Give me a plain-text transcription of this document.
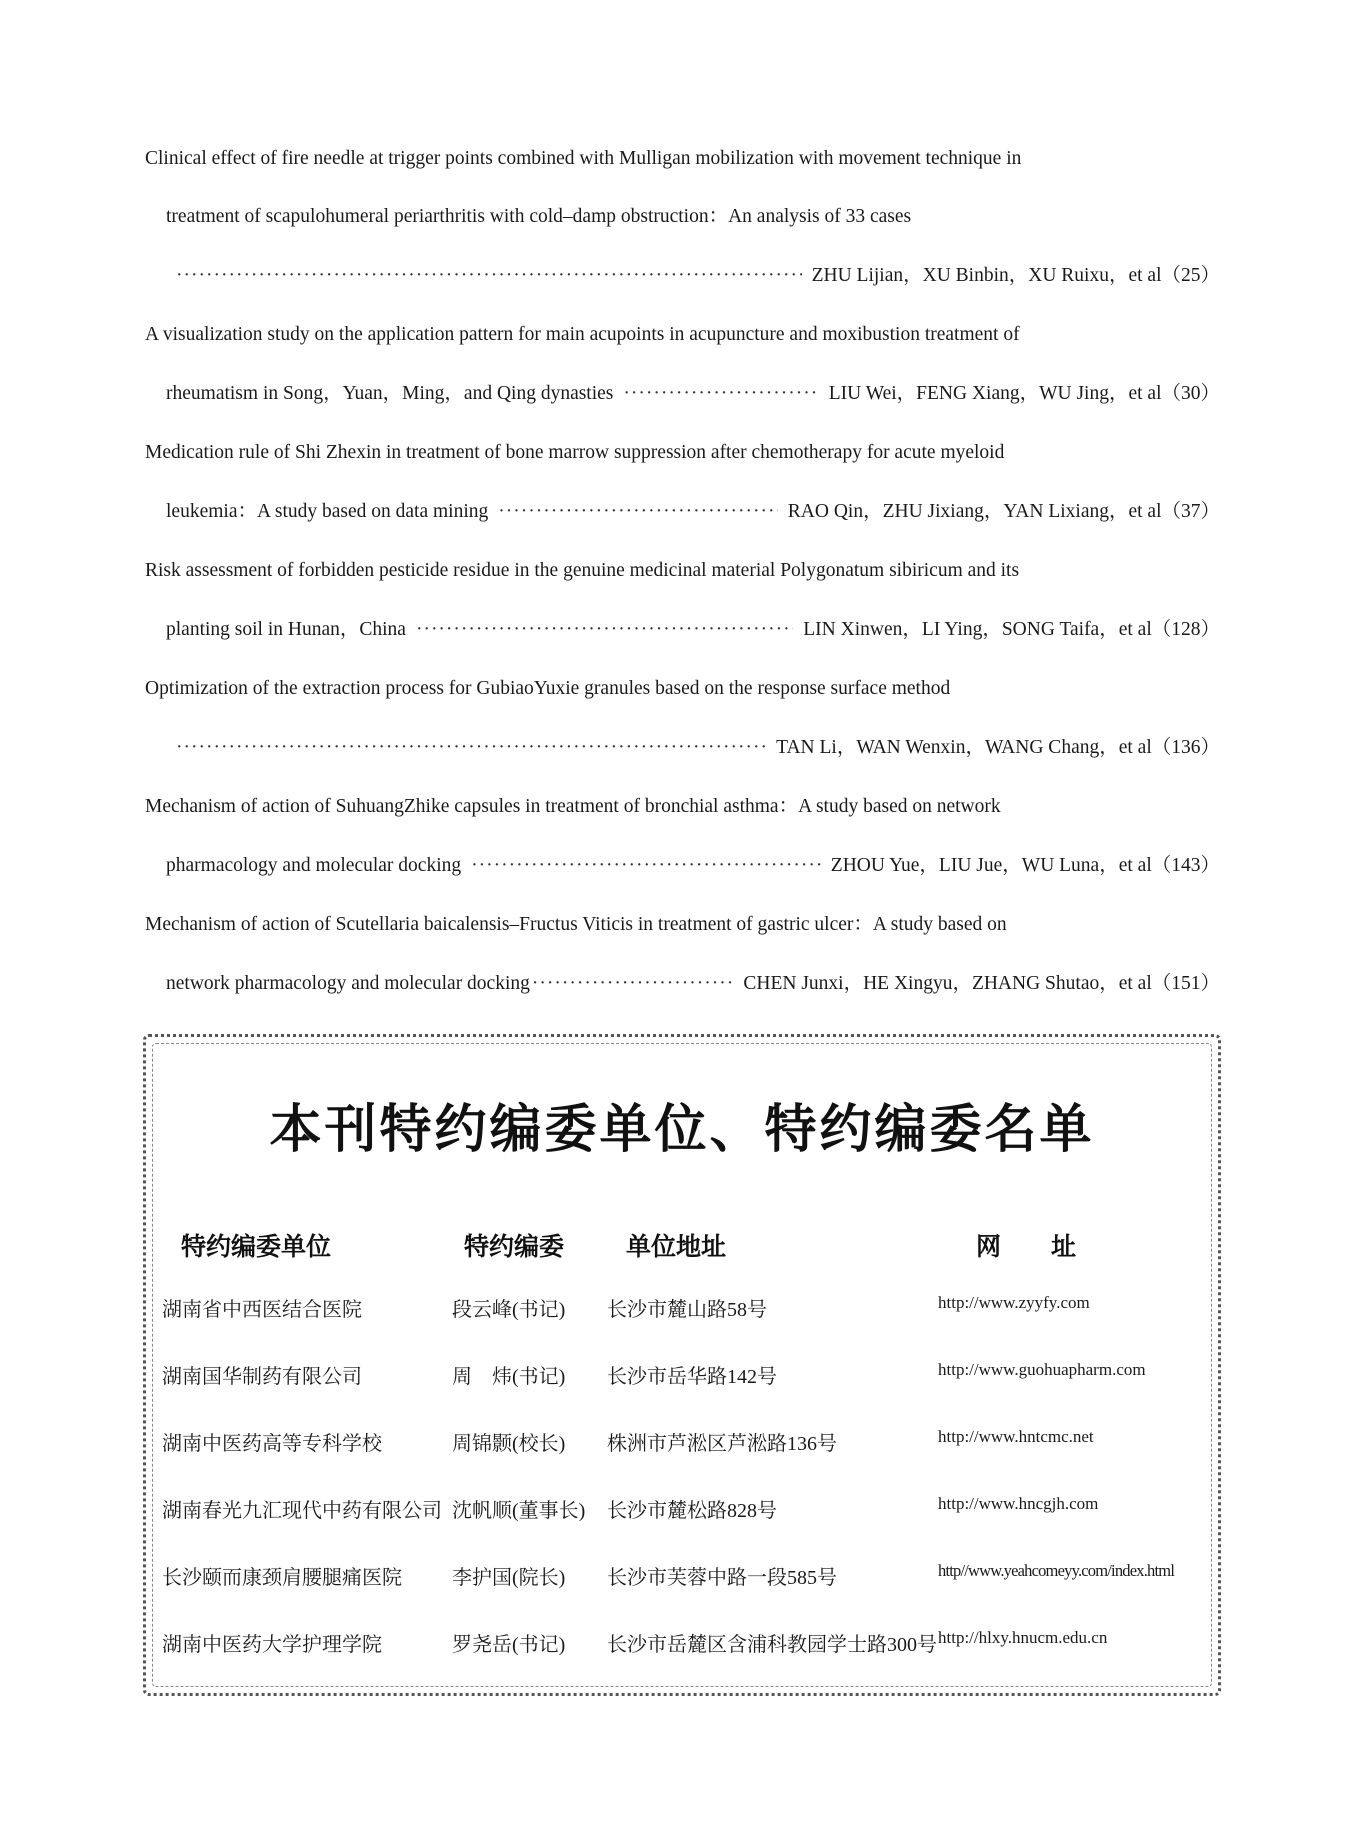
Clinical effect of fire needle at trigger points combined with Mulligan mobilization with movement technique in
treatment of scapulohumeral periarthritis with cold–damp obstruction：An analysis of 33 cases
·····
ZHU Lijian，XU Binbin，XU Ruixu，et al（25）
A visualization study on the application pattern for main acupoints in acupuncture and moxibustion treatment of
rheumatism in Song，Yuan，Ming，and Qing dynasties ·····	LIU Wei，FENG Xiang，WU Jing，et al（30）
Medication rule of Shi Zhexin in treatment of bone marrow suppression after chemotherapy for acute myeloid
leukemia：A study based on data mining ·····	RAO Qin，ZHU Jixiang，YAN Lixiang，et al（37）
Risk assessment of forbidden pesticide residue in the genuine medicinal material Polygonatum sibiricum and its
planting soil in Hunan，China ·····	LIN Xinwen，LI Ying，SONG Taifa，et al（128）
Optimization of the extraction process for GubiaoYuxie granules based on the response surface method
·····
TAN Li，WAN Wenxin，WANG Chang，et al（136）
Mechanism of action of SuhuangZhike capsules in treatment of bronchial asthma：A study based on network
pharmacology and molecular docking ·····	ZHOU Yue，LIU Jue，WU Luna，et al（143）
Mechanism of action of Scutellaria baicalensis–Fructus Viticis in treatment of gastric ulcer：A study based on
network pharmacology and molecular docking ·····	CHEN Junxi，HE Xingyu，ZHANG Shutao，et al（151）
本刊特约编委单位、特约编委名单
特约编委单位	特约编委 单位地址	网　　址
湖南省中西医结合医院	段云峰(书记) 长沙市麓山路58号	http://www.zyyfy.com
湖南国华制药有限公司	周　炜(书记) 长沙市岳华路142号	http://www.guohuapharm.com
湖南中医药高等专科学校	周锦颢(校长) 株洲市芦淞区芦淞路136号	http://www.hntcmc.net
湖南春光九汇现代中药有限公司 沈帆顺(董事长) 长沙市麓松路828号	http://www.hncgjh.com
长沙颐而康颈肩腰腿痛医院	李护国(院长) 长沙市芙蓉中路一段585号	http//www.yeahcomeyy.com/index.html
湖南中医药大学护理学院	罗尧岳(书记) 长沙市岳麓区含浦科教园学士路300号 http://hlxy.hnucm.edu.cn
